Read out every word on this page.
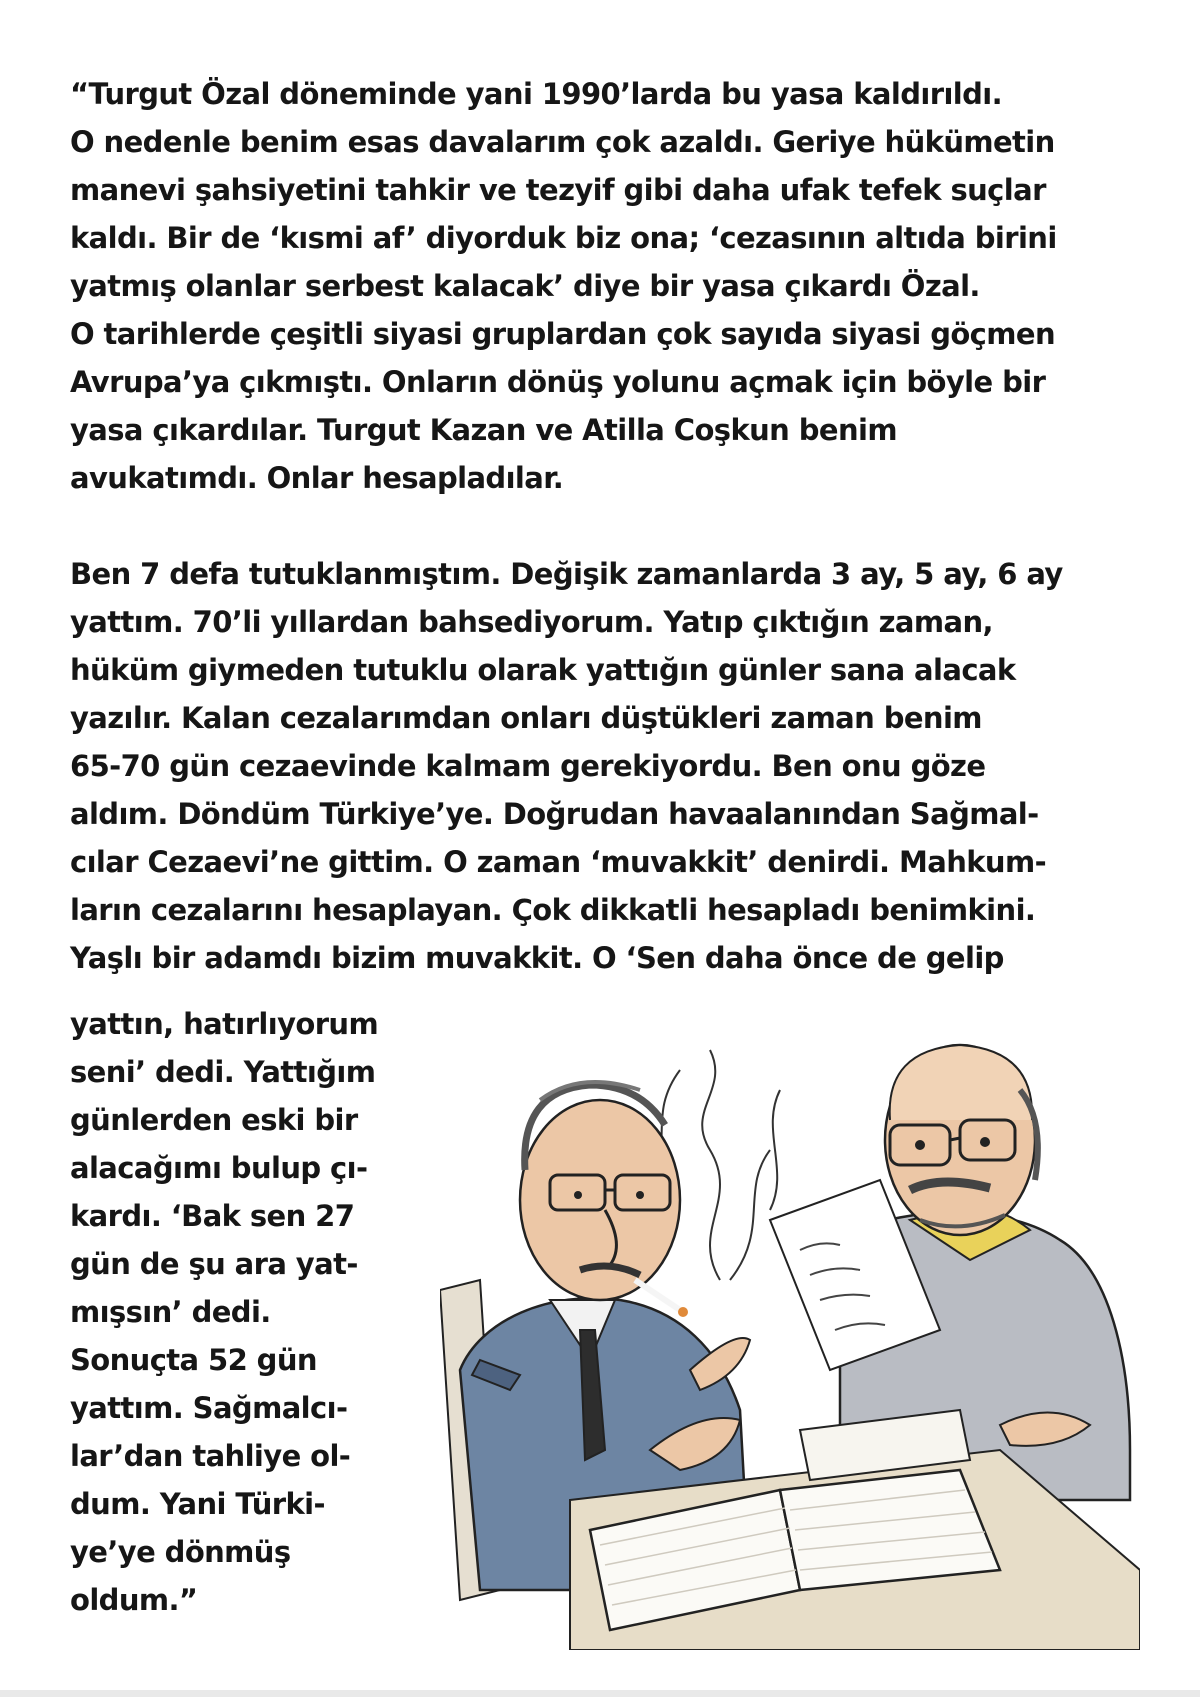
“Turgut Özal döneminde yani 1990’larda bu yasa kaldırıldı.
O nedenle benim esas davalarım çok azaldı. Geriye hükümetin
manevi şahsiyetini tahkir ve tezyif gibi daha ufak tefek suçlar
kaldı. Bir de ‘kısmi af’ diyorduk biz ona; ‘cezasının altıda birini
yatmış olanlar serbest kalacak’ diye bir yasa çıkardı Özal.
O tarihlerde çeşitli siyasi gruplardan çok sayıda siyasi göçmen
Avrupa’ya çıkmıştı. Onların dönüş yolunu açmak için böyle bir
yasa çıkardılar. Turgut Kazan ve Atilla Coşkun benim
avukatımdı. Onlar hesapladılar.
Ben 7 defa tutuklanmıştım. Değişik zamanlarda 3 ay, 5 ay, 6 ay
yattım. 70’li yıllardan bahsediyorum. Yatıp çıktığın zaman,
hüküm giymeden tutuklu olarak yattığın günler sana alacak
yazılır. Kalan cezalarımdan onları düştükleri zaman benim
65-70 gün cezaevinde kalmam gerekiyordu. Ben onu göze
aldım. Döndüm Türkiye’ye. Doğrudan havaalanından Sağmal-
cılar Cezaevi’ne gittim. O zaman ‘muvakkit’ denirdi. Mahkum-
ların cezalarını hesaplayan. Çok dikkatli hesapladı benimkini.
Yaşlı bir adamdı bizim muvakkit. O ‘Sen daha önce de gelip
yattın, hatırlıyorum
seni’ dedi. Yattığım
günlerden eski bir
alacağımı bulup çı-
kardı. ‘Bak sen 27
gün de şu ara yat-
mışsın’ dedi.
Sonuçta 52 gün
yattım. Sağmalcı-
lar’dan tahliye ol-
dum. Yani Türki-
ye’ye dönmüş
oldum.”
